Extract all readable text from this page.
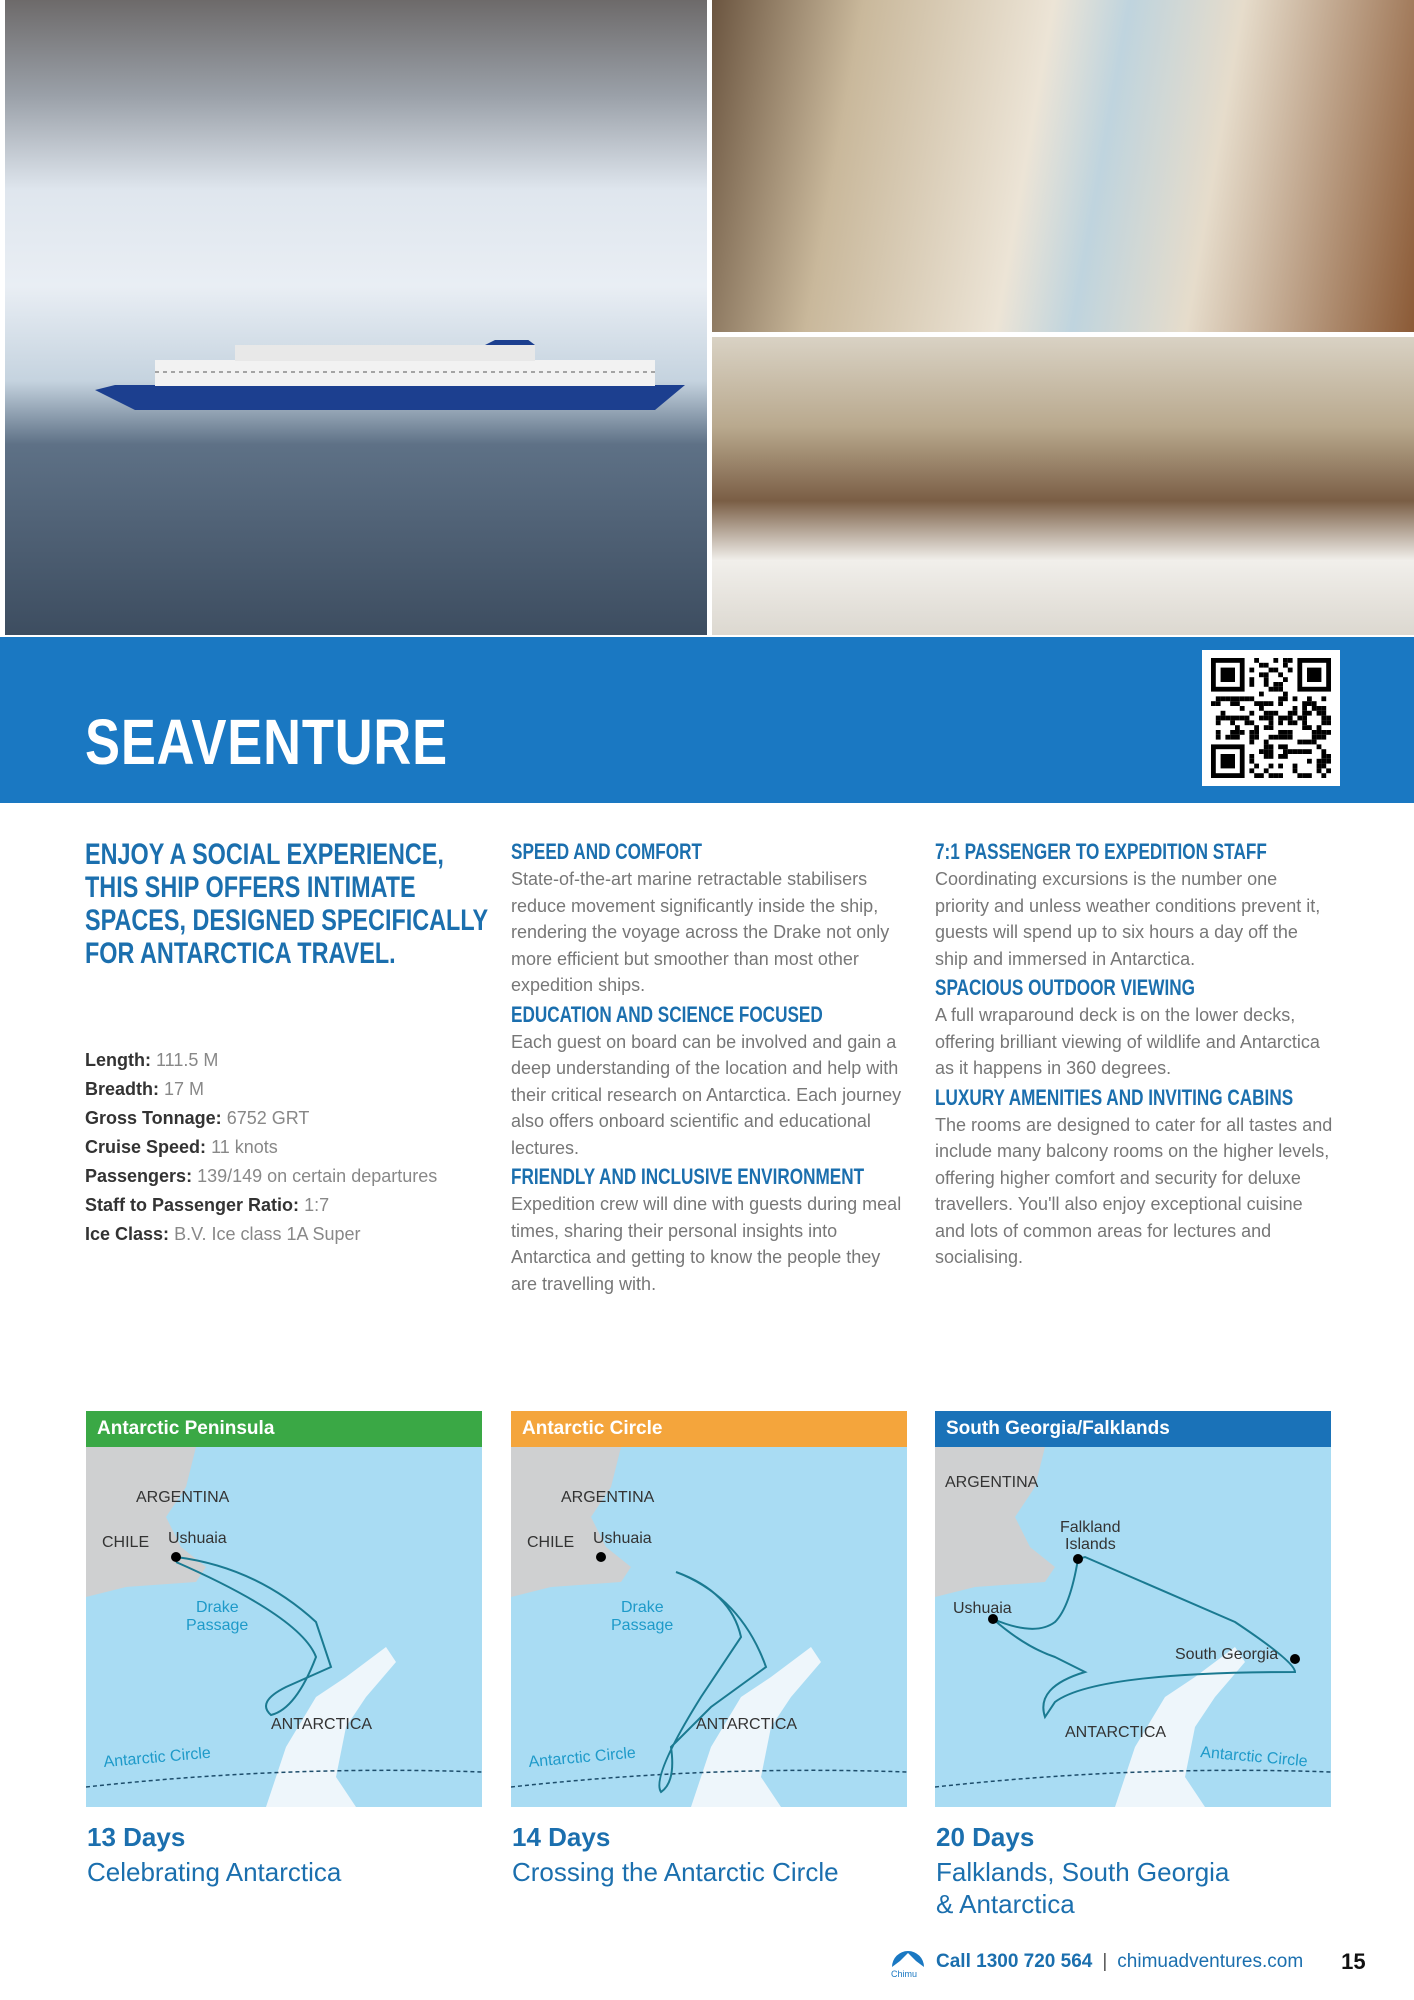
SEAVENTURE
ENJOY A SOCIAL EXPERIENCE, THIS SHIP OFFERS INTIMATE SPACES, DESIGNED SPECIFICALLY FOR ANTARCTICA TRAVEL.
Length: 111.5 M
Breadth: 17 M
Gross Tonnage: 6752 GRT
Cruise Speed: 11 knots
Passengers: 139/149 on certain departures
Staff to Passenger Ratio: 1:7
Ice Class: B.V. Ice class 1A Super
SPEED AND COMFORT
State-of-the-art marine retractable stabilisers reduce movement significantly inside the ship, rendering the voyage across the Drake not only more efficient but smoother than most other expedition ships.
EDUCATION AND SCIENCE FOCUSED
Each guest on board can be involved and gain a deep understanding of the location and help with their critical research on Antarctica. Each journey also offers onboard scientific and educational lectures.
FRIENDLY AND INCLUSIVE ENVIRONMENT
Expedition crew will dine with guests during meal times, sharing their personal insights into Antarctica and getting to know the people they are travelling with.
7:1 PASSENGER TO EXPEDITION STAFF
Coordinating excursions is the number one priority and unless weather conditions prevent it, guests will spend up to six hours a day off the ship and immersed in Antarctica.
SPACIOUS OUTDOOR VIEWING
A full wraparound deck is on the lower decks, offering brilliant viewing of wildlife and Antarctica as it happens in 360 degrees.
LUXURY AMENITIES AND INVITING CABINS
The rooms are designed to cater for all tastes and include many balcony rooms on the higher levels, offering higher comfort and security for deluxe travellers. You'll also enjoy exceptional cuisine and lots of common areas for lectures and socialising.
Antarctic Peninsula
ARGENTINA
CHILE Ushuaia
Drake
Passage
ANTARCTICA
Antarctic Circle
13 Days
Celebrating Antarctica
Antarctic Circle
ARGENTINA
CHILE Ushuaia
Drake
Passage
ANTARCTICA
Antarctic Circle
14 Days
Crossing the Antarctic Circle
South Georgia/Falklands
ARGENTINA
Falkland
Islands
Ushuaia
South Georgia
ANTARCTICA
Antarctic Circle
20 Days
Falklands, South Georgia
& Antarctica
Chimu
Call 1300 720 564 | chimuadventures.com 15
